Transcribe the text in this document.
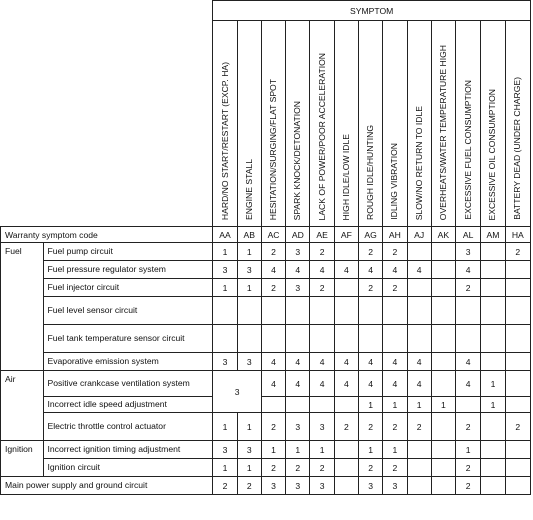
		SYMPTOM												
		HARD/NO START/RESTART (EXCP. HA)	ENGINE STALL	HESITATION/SURGING/FLAT SPOT	SPARK KNOCK/DETONATION	LACK OF POWER/POOR ACCELERATION	HIGH IDLE/LOW IDLE	ROUGH IDLE/HUNTING	IDLING VIBRATION	SLOW/NO RETURN TO IDLE	OVERHEATS/WATER TEMPERATURE HIGH	EXCESSIVE FUEL CONSUMPTION	EXCESSIVE OIL CONSUMPTION	BATTERY DEAD (UNDER CHARGE)
Warranty symptom code		AA	AB	AC	AD	AE	AF	AG	AH	AJ	AK	AL	AM	HA
Fuel	Fuel pump circuit	1	1	2	3	2		2	2			3		2
	Fuel pressure regulator system	3	3	4	4	4	4	4	4	4		4		
	Fuel injector circuit	1	1	2	3	2		2	2			2		
	Fuel level sensor circuit													
	Fuel tank temperature sensor circuit													
	Evaporative emission system	3	3	4	4	4	4	4	4	4		4		
Air	Positive crankcase ventilation system	3		4	4	4	4	4	4	4		4	1	
	Incorrect idle speed adjustment							1	1	1	1		1	
	Electric throttle control actuator	1	1	2	3	3	2	2	2	2		2		2
Ignition	Incorrect ignition timing adjustment	3	3	1	1	1		1	1			1		
	Ignition circuit	1	1	2	2	2		2	2			2		
Main power supply and ground circuit		2	2	3	3	3		3	3			2		
